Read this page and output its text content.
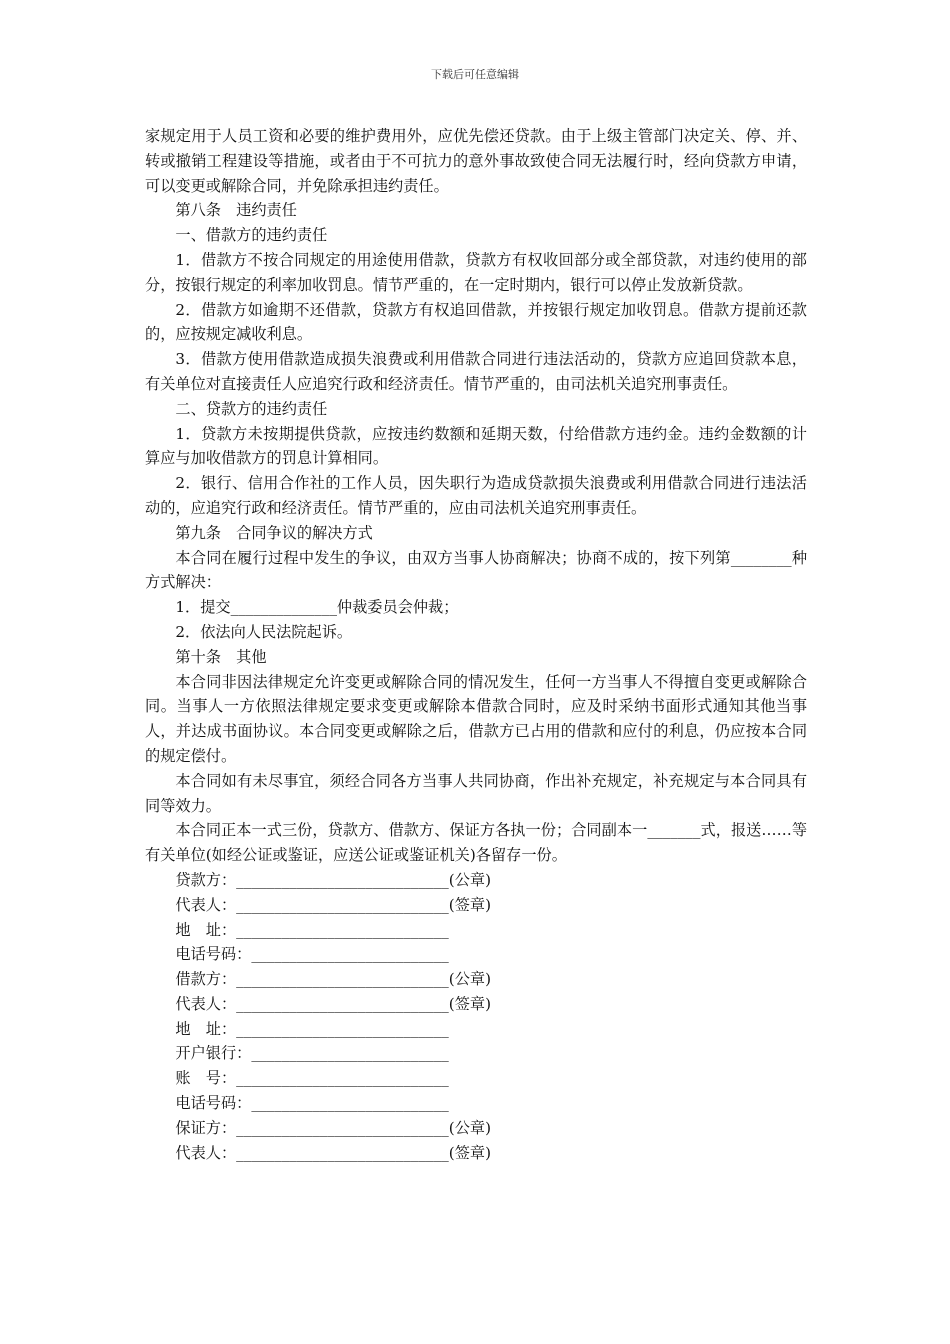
下载后可任意编辑

家规定用于人员工资和必要的维护费用外，应优先偿还贷款。由于上级主管部门决定关、停、并、转或撤销工程建设等措施，或者由于不可抗力的意外事故致使合同无法履行时，经向贷款方申请，可以变更或解除合同，并免除承担违约责任。

第八条　违约责任

一、借款方的违约责任

1．借款方不按合同规定的用途使用借款，贷款方有权收回部分或全部贷款，对违约使用的部分，按银行规定的利率加收罚息。情节严重的，在一定时期内，银行可以停止发放新贷款。

2．借款方如逾期不还借款，贷款方有权追回借款，并按银行规定加收罚息。借款方提前还款的，应按规定减收利息。

3．借款方使用借款造成损失浪费或利用借款合同进行违法活动的，贷款方应追回贷款本息，有关单位对直接责任人应追究行政和经济责任。情节严重的，由司法机关追究刑事责任。

二、贷款方的违约责任

1．贷款方未按期提供贷款，应按违约数额和延期天数，付给借款方违约金。违约金数额的计算应与加收借款方的罚息计算相同。

2．银行、信用合作社的工作人员，因失职行为造成贷款损失浪费或利用借款合同进行违法活动的，应追究行政和经济责任。情节严重的，应由司法机关追究刑事责任。

第九条　合同争议的解决方式

本合同在履行过程中发生的争议，由双方当事人协商解决；协商不成的，按下列第________种方式解决：

1．提交______________仲裁委员会仲裁；

2．依法向人民法院起诉。

第十条　其他

本合同非因法律规定允许变更或解除合同的情况发生，任何一方当事人不得擅自变更或解除合同。当事人一方依照法律规定要求变更或解除本借款合同时，应及时采纳书面形式通知其他当事人，并达成书面协议。本合同变更或解除之后，借款方已占用的借款和应付的利息，仍应按本合同的规定偿付。

本合同如有未尽事宜，须经合同各方当事人共同协商，作出补充规定，补充规定与本合同具有同等效力。

本合同正本一式三份，贷款方、借款方、保证方各执一份；合同副本一_______式，报送……等有关单位(如经公证或鉴证，应送公证或鉴证机关)各留存一份。

贷款方：____________________________(公章)

代表人：____________________________(签章)

地　址：____________________________

电话号码：__________________________

借款方：____________________________(公章)

代表人：____________________________(签章)

地　址：____________________________

开户银行：__________________________

账　号：____________________________

电话号码：__________________________

保证方：____________________________(公章)

代表人：____________________________(签章)
